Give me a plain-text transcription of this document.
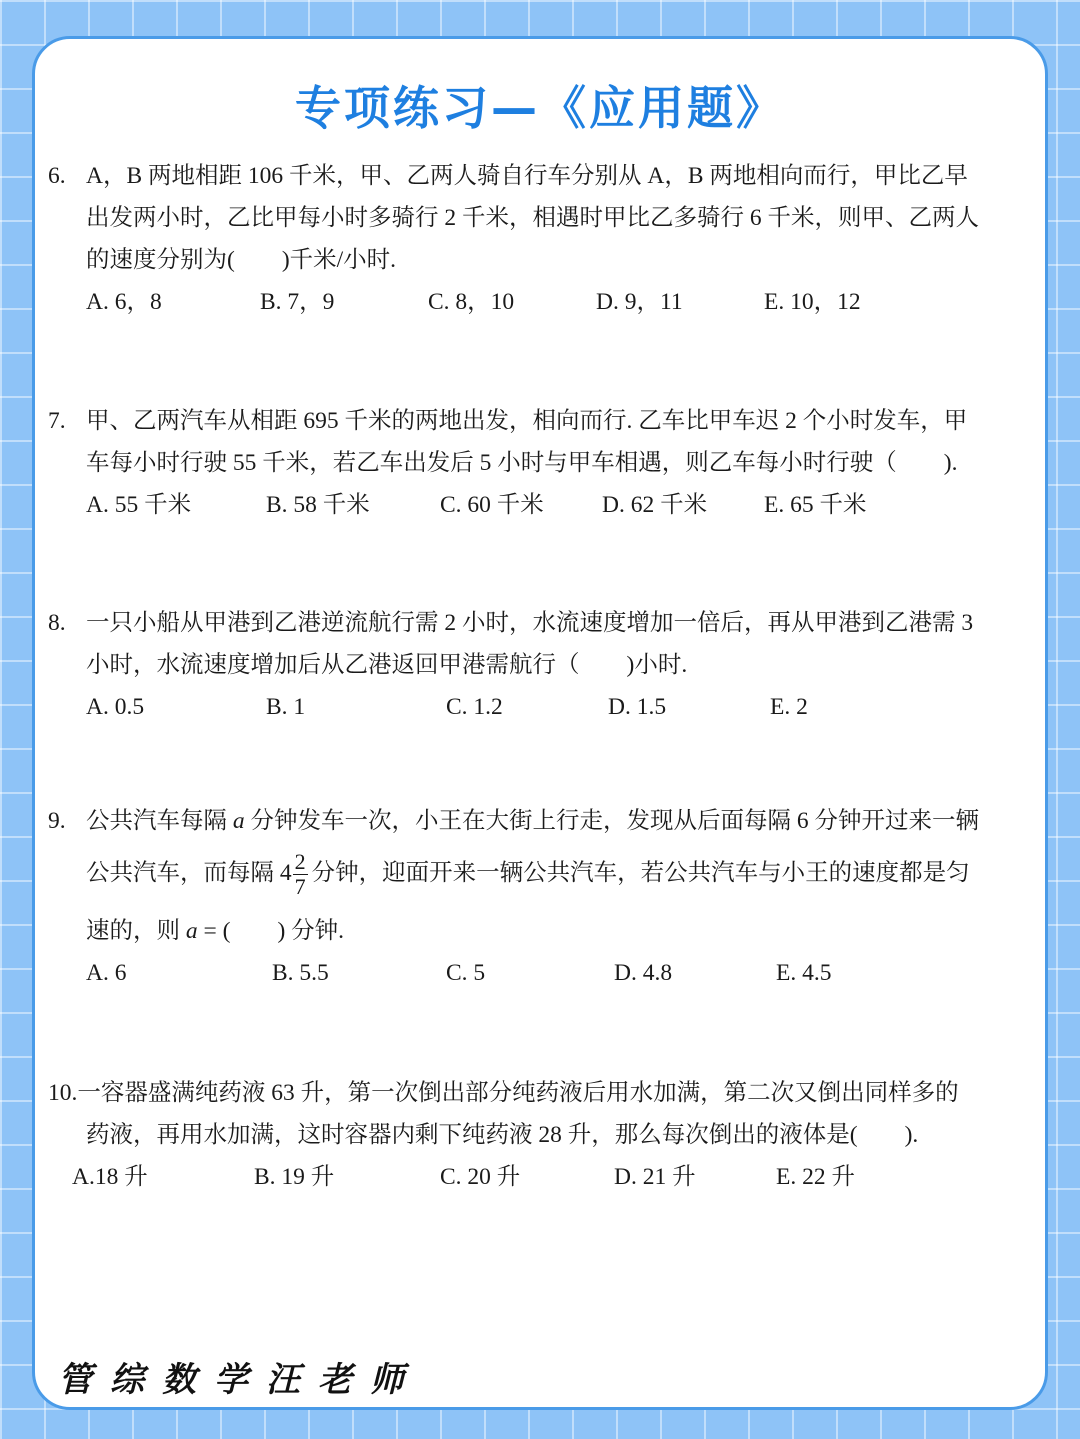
专项练习—《应用题》
6. A，B 两地相距 106 千米，甲、乙两人骑自行车分别从 A，B 两地相向而行，甲比乙早
出发两小时，乙比甲每小时多骑行 2 千米，相遇时甲比乙多骑行 6 千米，则甲、乙两人
的速度分别为(　　)千米/小时.
A. 6，8	B. 7，9	C. 8，10	D. 9，11	E. 10，12
7. 甲、乙两汽车从相距 695 千米的两地出发，相向而行. 乙车比甲车迟 2 个小时发车，甲
车每小时行驶 55 千米，若乙车出发后 5 小时与甲车相遇，则乙车每小时行驶（　　).
A. 55 千米	B. 58 千米	C. 60 千米 D. 62 千米 E. 65 千米
8. 一只小船从甲港到乙港逆流航行需 2 小时，水流速度增加一倍后，再从甲港到乙港需 3
小时，水流速度增加后从乙港返回甲港需航行（　　)小时.
A. 0.5	B. 1	C. 1.2	D. 1.5	E. 2
9. 公共汽车每隔 a 分钟发车一次，小王在大街上行走，发现从后面每隔 6 分钟开过来一辆
公共汽车，而每隔 $4 \frac{2}{7}$ 分钟，迎面开来一辆公共汽车，若公共汽车与小王的速度都是匀
速的，则 a = (　　) 分钟.
A. 6	B. 5.5	C. 5	D. 4.8	E. 4.5
10.一容器盛满纯药液 63 升，第一次倒出部分纯药液后用水加满，第二次又倒出同样多的
药液，再用水加满，这时容器内剩下纯药液 28 升，那么每次倒出的液体是(　　).
A.18 升	B. 19 升	C. 20 升	D. 21 升	E. 22 升
管综数学汪老师
